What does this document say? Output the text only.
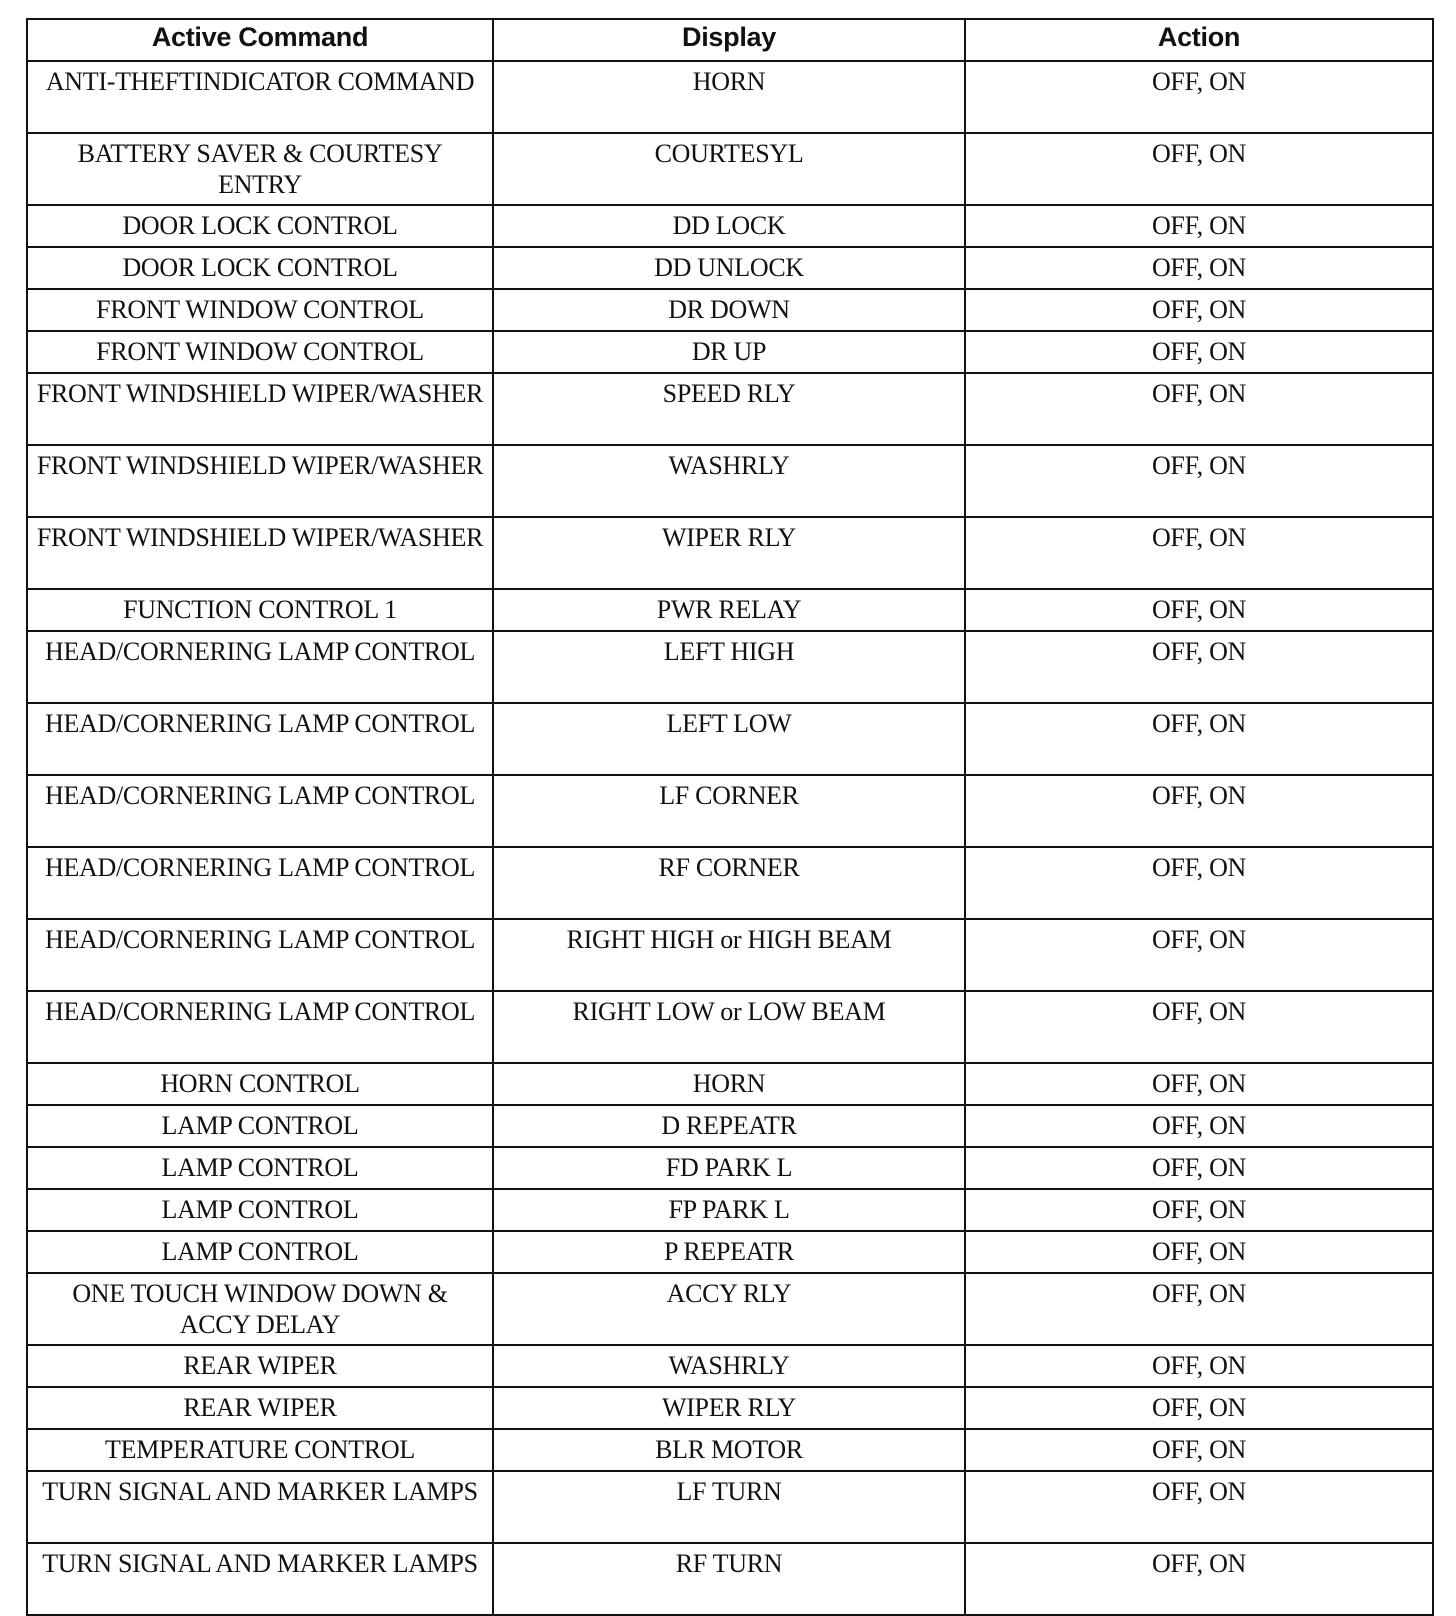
Active Command	Display	Action
ANTI-THEFTINDICATOR COMMAND	HORN	OFF, ON
BATTERY SAVER & COURTESY ENTRY	COURTESYL	OFF, ON
DOOR LOCK CONTROL	DD LOCK	OFF, ON
DOOR LOCK CONTROL	DD UNLOCK	OFF, ON
FRONT WINDOW CONTROL	DR DOWN	OFF, ON
FRONT WINDOW CONTROL	DR UP	OFF, ON
FRONT WINDSHIELD WIPER/WASHER	SPEED RLY	OFF, ON
FRONT WINDSHIELD WIPER/WASHER	WASHRLY	OFF, ON
FRONT WINDSHIELD WIPER/WASHER	WIPER RLY	OFF, ON
FUNCTION CONTROL 1	PWR RELAY	OFF, ON
HEAD/CORNERING LAMP CONTROL	LEFT HIGH	OFF, ON
HEAD/CORNERING LAMP CONTROL	LEFT LOW	OFF, ON
HEAD/CORNERING LAMP CONTROL	LF CORNER	OFF, ON
HEAD/CORNERING LAMP CONTROL	RF CORNER	OFF, ON
HEAD/CORNERING LAMP CONTROL	RIGHT HIGH or HIGH BEAM	OFF, ON
HEAD/CORNERING LAMP CONTROL	RIGHT LOW or LOW BEAM	OFF, ON
HORN CONTROL	HORN	OFF, ON
LAMP CONTROL	D REPEATR	OFF, ON
LAMP CONTROL	FD PARK L	OFF, ON
LAMP CONTROL	FP PARK L	OFF, ON
LAMP CONTROL	P REPEATR	OFF, ON
ONE TOUCH WINDOW DOWN & ACCY DELAY	ACCY RLY	OFF, ON
REAR WIPER	WASHRLY	OFF, ON
REAR WIPER	WIPER RLY	OFF, ON
TEMPERATURE CONTROL	BLR MOTOR	OFF, ON
TURN SIGNAL AND MARKER LAMPS	LF TURN	OFF, ON
TURN SIGNAL AND MARKER LAMPS	RF TURN	OFF, ON
